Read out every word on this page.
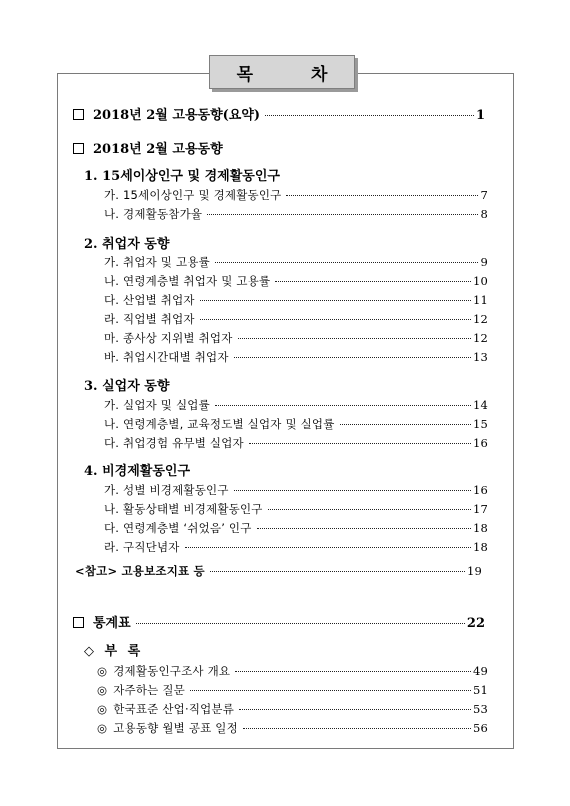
목 차
2018년 2월 고용동향(요약)	1
2018년 2월 고용동향
1. 15세이상인구 및 경제활동인구
가. 15세이상인구 및 경제활동인구	7
나. 경제활동참가율	8
2. 취업자 동향
가. 취업자 및 고용률	9
나. 연령계층별 취업자 및 고용률	10
다. 산업별 취업자	11
라. 직업별 취업자	12
마. 종사상 지위별 취업자	12
바. 취업시간대별 취업자	13
3. 실업자 동향
가. 실업자 및 실업률	14
나. 연령계층별, 교육정도별 실업자 및 실업률	15
다. 취업경험 유무별 실업자	16
4. 비경제활동인구
가. 성별 비경제활동인구	16
나. 활동상태별 비경제활동인구	17
다. 연령계층별 ‘쉬었음’ 인구	18
라. 구직단념자	18
<참고> 고용보조지표 등	19
통계표	22
◇ 부 록
◎ 경제활동인구조사 개요	49
◎ 자주하는 질문	51
◎ 한국표준 산업·직업분류	53
◎ 고용동향 월별 공표 일정	56
